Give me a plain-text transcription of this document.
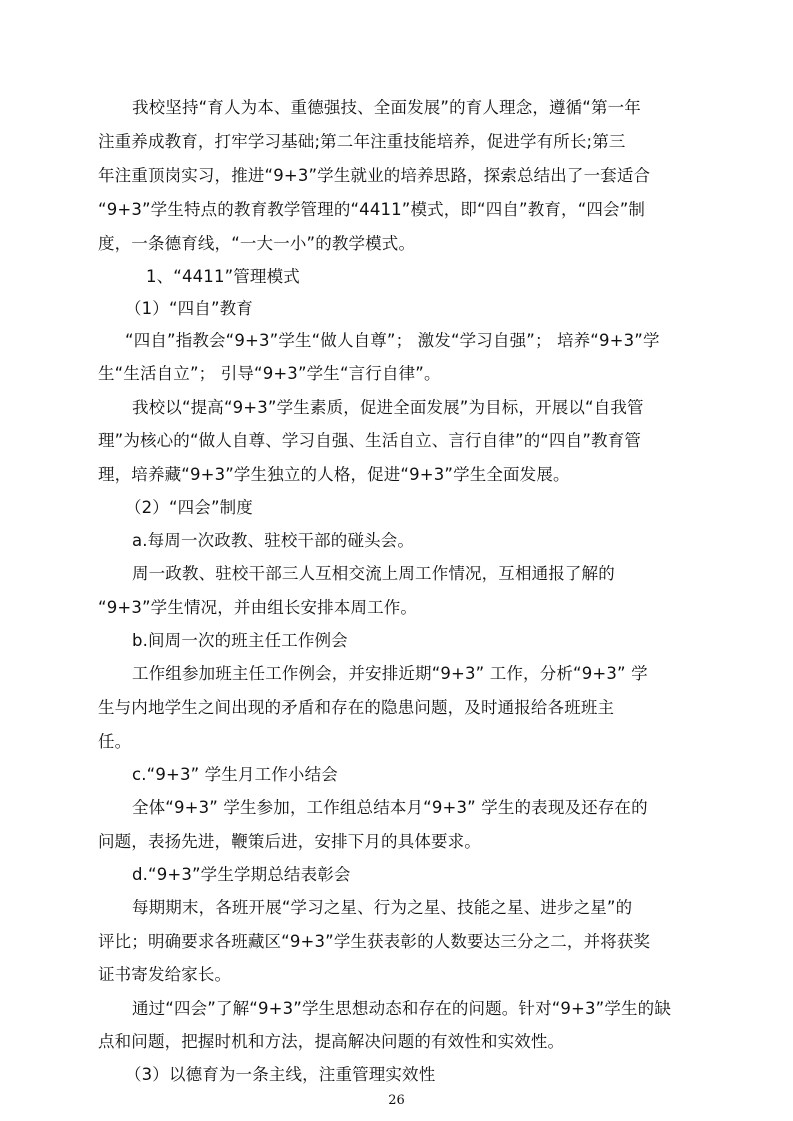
我校坚持“育人为本、重德强技、全面发展”的育人理念，遵循“第一年
注重养成教育，打牢学习基础;第二年注重技能培养，促进学有所长;第三
年注重顶岗实习，推进“9+3”学生就业的培养思路，探索总结出了一套适合
“9+3”学生特点的教育教学管理的“4411”模式，即“四自”教育，“四会”制
度，一条德育线，“一大一小”的教学模式。
1、“4411”管理模式
（1）“四自”教育
“四自”指教会“9+3”学生“做人自尊”； 激发“学习自强”； 培养“9+3”学
生“生活自立”； 引导“9+3”学生“言行自律”。
我校以“提高“9+3”学生素质，促进全面发展”为目标，开展以“自我管
理”为核心的“做人自尊、学习自强、生活自立、言行自律”的“四自”教育管
理，培养藏“9+3”学生独立的人格，促进“9+3”学生全面发展。
（2）“四会”制度
a.每周一次政教、驻校干部的碰头会。
周一政教、驻校干部三人互相交流上周工作情况，互相通报了解的
“9+3”学生情况，并由组长安排本周工作。
b.间周一次的班主任工作例会
工作组参加班主任工作例会，并安排近期“9+3” 工作，分析“9+3” 学
生与内地学生之间出现的矛盾和存在的隐患问题，及时通报给各班班主
任。
c.“9+3” 学生月工作小结会
全体“9+3” 学生参加，工作组总结本月“9+3” 学生的表现及还存在的
问题，表扬先进，鞭策后进，安排下月的具体要求。
d.“9+3”学生学期总结表彰会
每期期末，各班开展“学习之星、行为之星、技能之星、进步之星”的
评比；明确要求各班藏区“9+3”学生获表彰的人数要达三分之二，并将获奖
证书寄发给家长。
通过“四会”了解“9+3”学生思想动态和存在的问题。针对“9+3”学生的缺
点和问题，把握时机和方法，提高解决问题的有效性和实效性。
（3）以德育为一条主线，注重管理实效性
26
